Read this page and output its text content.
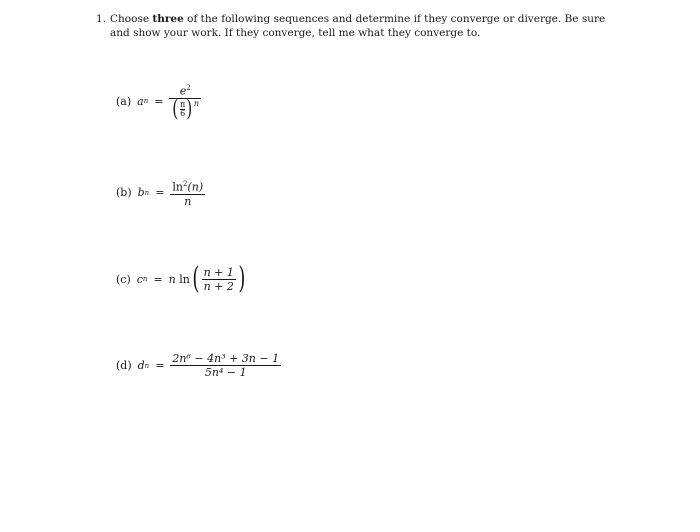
1. Choose three of the following sequences and determine if they converge or diverge. Be sure and show your work. If they converge, tell me what they converge to.
(a) a n =
$e^2$
( $\frac{\pi}{6}$ ) n
(b) b $n = \frac{\ln^2(n)}{n}$
(c) c n = n
ln ( $\frac{n + 1}{n + 2}$ )
(d) d $n = \frac{\text{2n⁶ − 4n³ + 3n − 1}}{\text{5n⁴ − 1}}$
